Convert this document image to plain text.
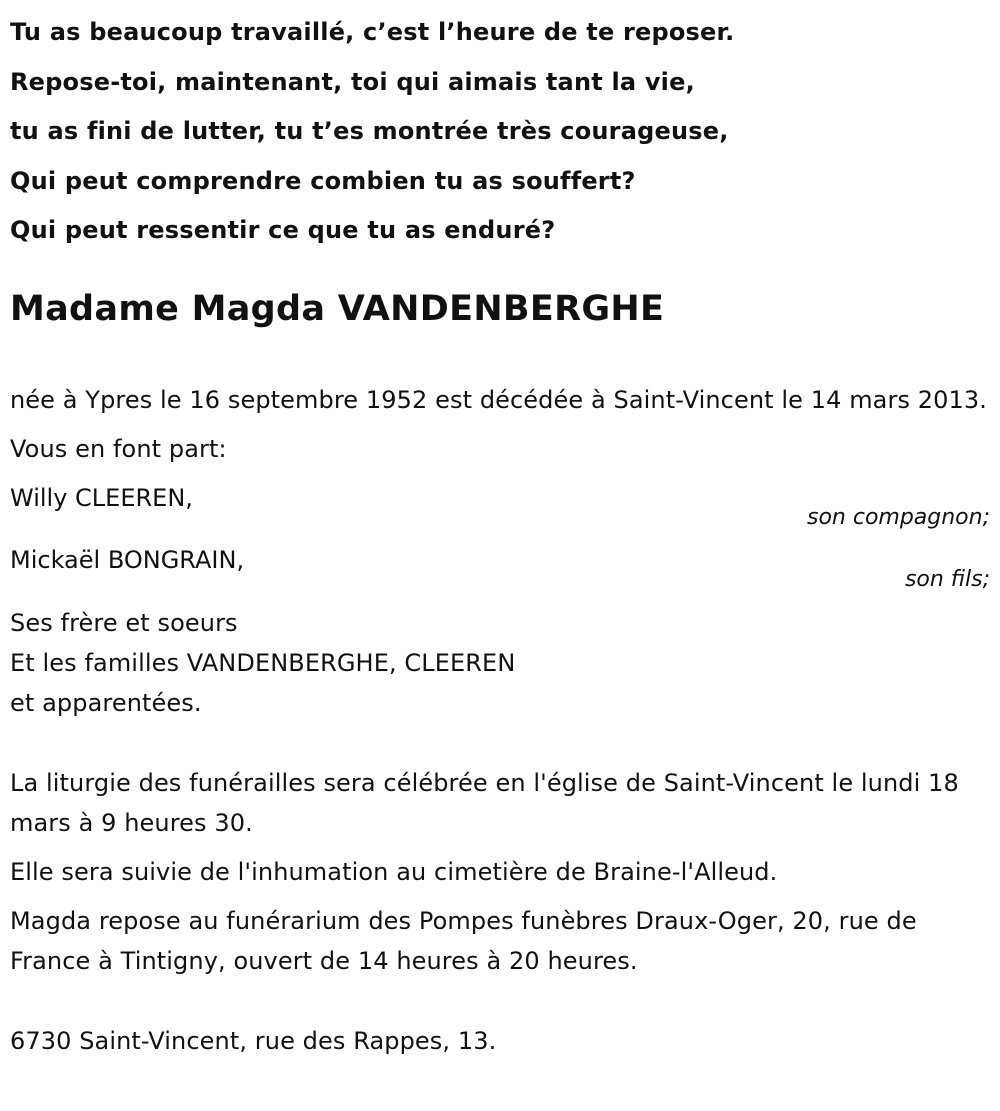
Tu as beaucoup travaillé, c’est l’heure de te reposer.
Repose-toi, maintenant, toi qui aimais tant la vie,
tu as fini de lutter, tu t’es montrée très courageuse,
Qui peut comprendre combien tu as souffert?
Qui peut ressentir ce que tu as enduré?
Madame Magda VANDENBERGHE
née à Ypres le 16 septembre 1952 est décédée à Saint-Vincent le 14 mars 2013.
Vous en font part:
Willy CLEEREN,
son compagnon;
Mickaël BONGRAIN,
son fils;
Ses frère et soeurs
Et les familles VANDENBERGHE, CLEEREN
et apparentées.
La liturgie des funérailles sera célébrée en l'église de Saint-Vincent le lundi 18 mars à 9 heures 30.
Elle sera suivie de l'inhumation au cimetière de Braine-l'Alleud.
Magda repose au funérarium des Pompes funèbres Draux-Oger, 20, rue de France à Tintigny, ouvert de 14 heures à 20 heures.
6730 Saint-Vincent, rue des Rappes, 13.
